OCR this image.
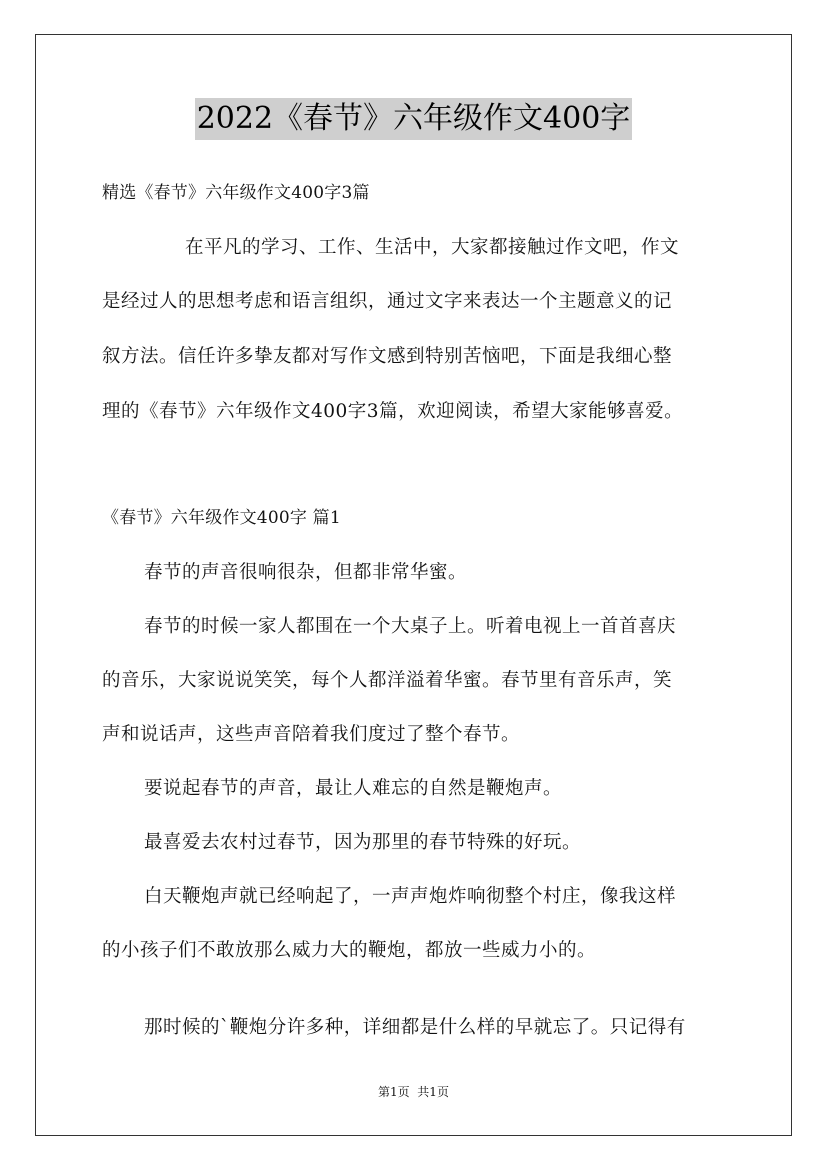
2022《春节》六年级作文400字
精选《春节》六年级作文400字3篇
在平凡的学习、工作、生活中，大家都接触过作文吧，作文
是经过人的思想考虑和语言组织，通过文字来表达一个主题意义的记
叙方法。信任许多挚友都对写作文感到特别苦恼吧，下面是我细心整
理的《春节》六年级作文400字3篇，欢迎阅读，希望大家能够喜爱。
《春节》六年级作文400字 篇1
春节的声音很响很杂，但都非常华蜜。
春节的时候一家人都围在一个大桌子上。听着电视上一首首喜庆
的音乐，大家说说笑笑，每个人都洋溢着华蜜。春节里有音乐声，笑
声和说话声，这些声音陪着我们度过了整个春节。
要说起春节的声音，最让人难忘的自然是鞭炮声。
最喜爱去农村过春节，因为那里的春节特殊的好玩。
白天鞭炮声就已经响起了，一声声炮炸响彻整个村庄，像我这样
的小孩子们不敢放那么威力大的鞭炮，都放一些威力小的。
那时候的`鞭炮分许多种，详细都是什么样的早就忘了。只记得有
第1页  共1页
